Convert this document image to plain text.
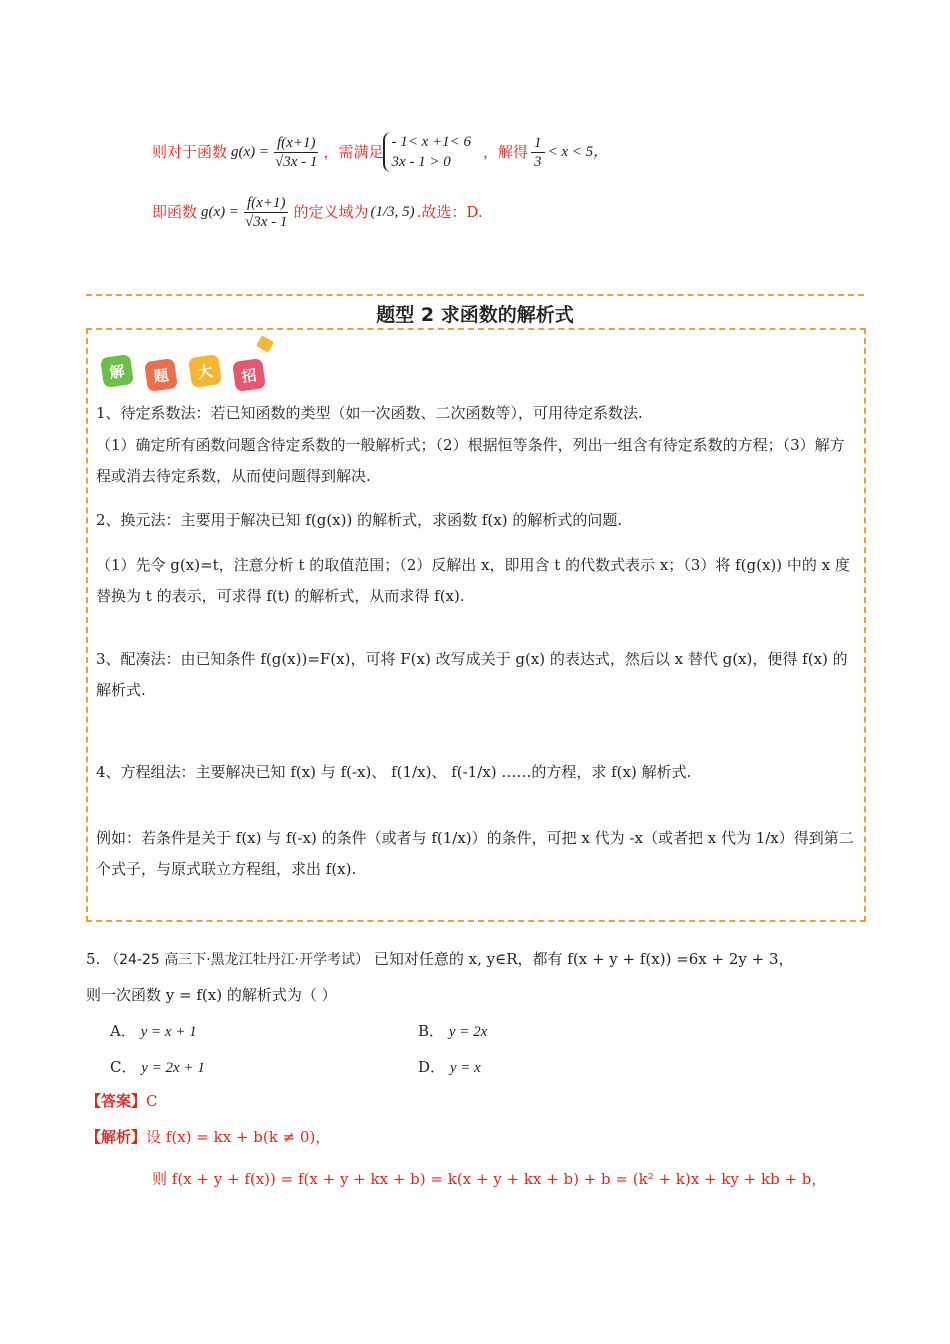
则对于函数 $g(x) = \frac{f(x+1)}{√3x - 1}$ ，需满足
- 1< x +1< 6
3x - 1 > 0
，解得 $\frac{1}{3} < x < 5$，
即函数 $g(x) = \frac{f(x+1)}{√3x - 1}$ 的定义域为 (1/3, 5) .故选：D.
题型 2 求函数的解析式
解	题	大	招
1、待定系数法：若已知函数的类型（如一次函数、二次函数等），可用待定系数法.
（1）确定所有函数问题含待定系数的一般解析式；（2）根据恒等条件，列出一组含有待定系数的方程；（3）解方程或消去待定系数，从而使问题得到解决.
2、换元法：主要用于解决已知 f(g(x)) 的解析式，求函数 f(x) 的解析式的问题.
（1）先令 g(x)=t，注意分析 t 的取值范围；（2）反解出 x，即用含 t 的代数式表示 x；（3）将 f(g(x)) 中的 x 度替换为 t 的表示，可求得 f(t) 的解析式，从而求得 f(x).
3、配凑法：由已知条件 f(g(x))=F(x)，可将 F(x) 改写成关于 g(x) 的表达式，然后以 x 替代 g(x)，便得 f(x) 的解析式.
4、方程组法：主要解决已知 f(x) 与 f(-x)、 f(1/x)、 f(-1/x) ……的方程，求 f(x) 解析式.
例如：若条件是关于 f(x) 与 f(-x) 的条件（或者与 f(1/x)）的条件，可把 x 代为 -x（或者把 x 代为 1/x）得到第二个式子，与原式联立方程组，求出 f(x).
5. （24-25 高三下·黑龙江牡丹江·开学考试） 已知对任意的 x, y∈R，都有 f(x + y + f(x)) =6x + 2y + 3，
则一次函数 y = f(x) 的解析式为（ ）
A． y = x + 1	B． y = 2x
C． y = 2x + 1	D． y = x
【答案】C
【解析】设 f(x) = kx + b(k ≠ 0)，
则 f(x + y + f(x)) = f(x + y + kx + b) = k(x + y + kx + b) + b = (k² + k)x + ky + kb + b，
